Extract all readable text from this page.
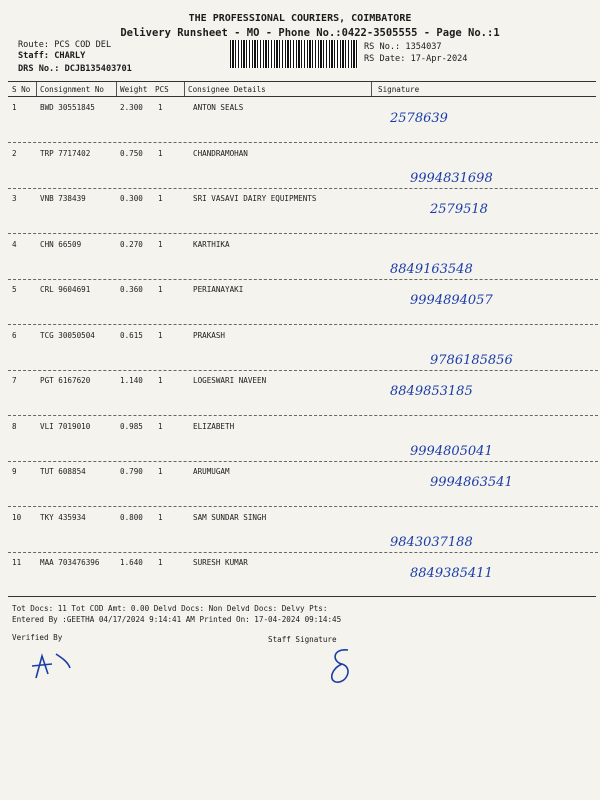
THE PROFESSIONAL COURIERS, COIMBATORE
Delivery Runsheet - MO - Phone No.:0422-3505555 - Page No.:1
Route: PCS COD DEL
Staff: CHARLY
DRS No.: DCJB135403701
RS No.: 1354037
RS Date: 17-Apr-2024
S No Consignment No Weight PCS	Consignee Details	Signature
1	BWD 30551845	2.300 1	ANTON SEALS
2578639
2	TRP 7717402	0.750 1	CHANDRAMOHAN
9994831698
3	VNB 738439	0.300 1	SRI VASAVI DAIRY EQUIPMENTS
2579518
4	CHN 66509	0.270 1	KARTHIKA
8849163548
5	CRL 9604691	0.360 1	PERIANAYAKI
9994894057
6	TCG 30050504	0.615 1	PRAKASH
9786185856
7	PGT 6167620	1.140 1	LOGESWARI NAVEEN
8849853185
8	VLI 7019010	0.985 1	ELIZABETH
9994805041
9	TUT 608854	0.790 1	ARUMUGAM
9994863541
10 TKY 435934	0.800 1	SAM SUNDAR SINGH
9843037188
11 MAA 703476396	1.640 1	SURESH KUMAR
8849385411
Tot Docs: 11 Tot COD Amt: 0.00 Delvd Docs: Non Delvd Docs: Delvy Pts:
Entered By :GEETHA 04/17/2024 9:14:41 AM Printed On: 17-04-2024 09:14:45
Verified By	Staff Signature
